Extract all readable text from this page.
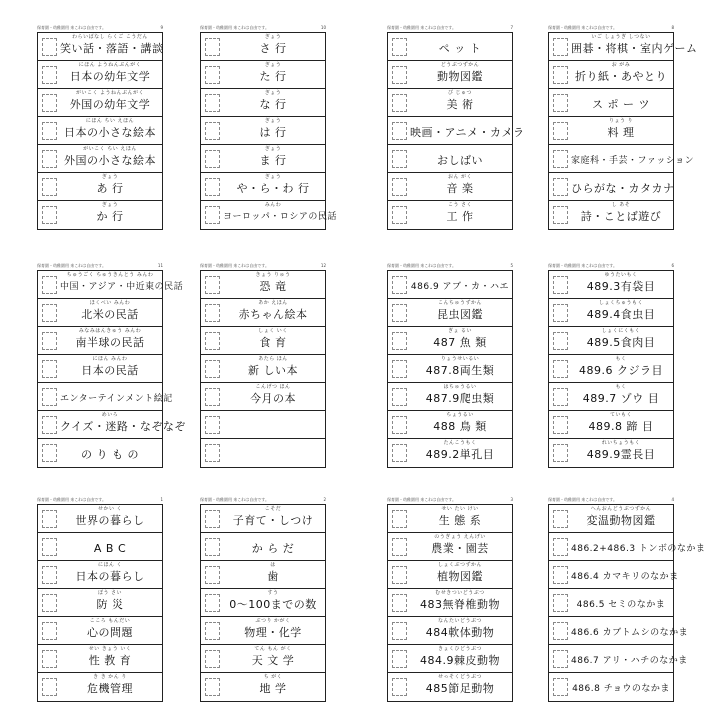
保育園・幼稚園用 来これは自由です。	9
わらいばなし らくご こうだん
笑い話・落語・講談
にほん ようねんぶんがく
日本の幼年文学
がいこく ようねんぶんがく
外国の幼年文学
にほん ちい えほん
日本の小さな絵本
がいこく ちい えほん
外国の小さな絵本
ぎょう
あ 行
ぎょう
か 行
保育園・幼稚園用 来これは自由です。	10
ぎょう
さ 行
ぎょう
た 行
ぎょう
な 行
ぎょう
は 行
ぎょう
ま 行
ぎょう
や・ら・わ 行
みんわ
ヨーロッパ・ロシアの民話
保育園・幼稚園用 来これは自由です。	7
ペ ッ ト
どうぶつずかん
動物図鑑
び じゅつ
美 術
映画・アニメ・カメラ
おしばい
おん がく
音 楽
こう さく
工 作
保育園・幼稚園用 来これは自由です。	8
いご しょうぎ しつない
囲碁・将棋・室内ゲーム
お がみ
折り紙・あやとり
ス ポ ー ツ
りょう り
料 理
家庭科・手芸・ファッション
ひらがな・カタカナ
し あそ
詩・ことば遊び
保育園・幼稚園用 来これは自由です。	11
ちゅうごく ちゅうきんとう みんわ
中国・アジア・中近東の民話
ほくべい みんわ
北米の民話
みなみはんきゅう みんわ
南半球の民話
にほん みんわ
日本の民話
エンターテインメント絵記
めいろ
クイズ・迷路・なぞなぞ
の り も の
保育園・幼稚園用 来これは自由です。	12
きょう りゅう
恐 竜
あか えほん
赤ちゃん絵本
しょく いく
食 育
あたら ほん
新 しい本
こんげつ ほん
今月の本
保育園・幼稚園用 来これは自由です。	5
486.9 アブ・カ・ハエ
こんちゅうずかん
昆虫図鑑
ぎょ るい
487 魚 類
りょうせいるい
487.8両生類
はちゅうるい
487.9爬虫類
ちょうるい
488 鳥 類
たんこうもく
489.2単孔目
保育園・幼稚園用 来これは自由です。	6
ゆうたいもく
489.3有袋目
しょくちゅうもく
489.4食虫目
しょくにくもく
489.5食肉目
もく
489.6 クジラ目
もく
489.7 ゾウ 目
ていもく
489.8 蹄 目
れいちょうもく
489.9霊長目
保育園・幼稚園用 来これは自由です。	1
せかい く
世界の暮らし
A B C
にほん く
日本の暮らし
ぼう さい
防 災
こころ もんだい
心の問題
せい きょう いく
性 教 育
き き かん り
危機管理
保育園・幼稚園用 来これは自由です。	2
こそだ
子育て・しつけ
か ら だ
は
歯
すう
0〜100までの数
ぶつり かがく
物理・化学
てん もん がく
天 文 学
ち がく
地 学
保育園・幼稚園用 来これは自由です。	3
せい たい けい
生 態 系
のうぎょう えんげい
農業・園芸
しょくぶつずかん
植物図鑑
むせきついどうぶつ
483無脊椎動物
なんたいどうぶつ
484軟体動物
きょくひどうぶつ
484.9棘皮動物
せっそくどうぶつ
485節足動物
保育園・幼稚園用 来これは自由です。	4
へんおんどうぶつずかん
変温動物図鑑
486.2+486.3 トンボのなかま
486.4 カマキリのなかま
486.5 セミのなかま
486.6 カブトムシのなかま
486.7 アリ・ハチのなかま
486.8 チョウのなかま
